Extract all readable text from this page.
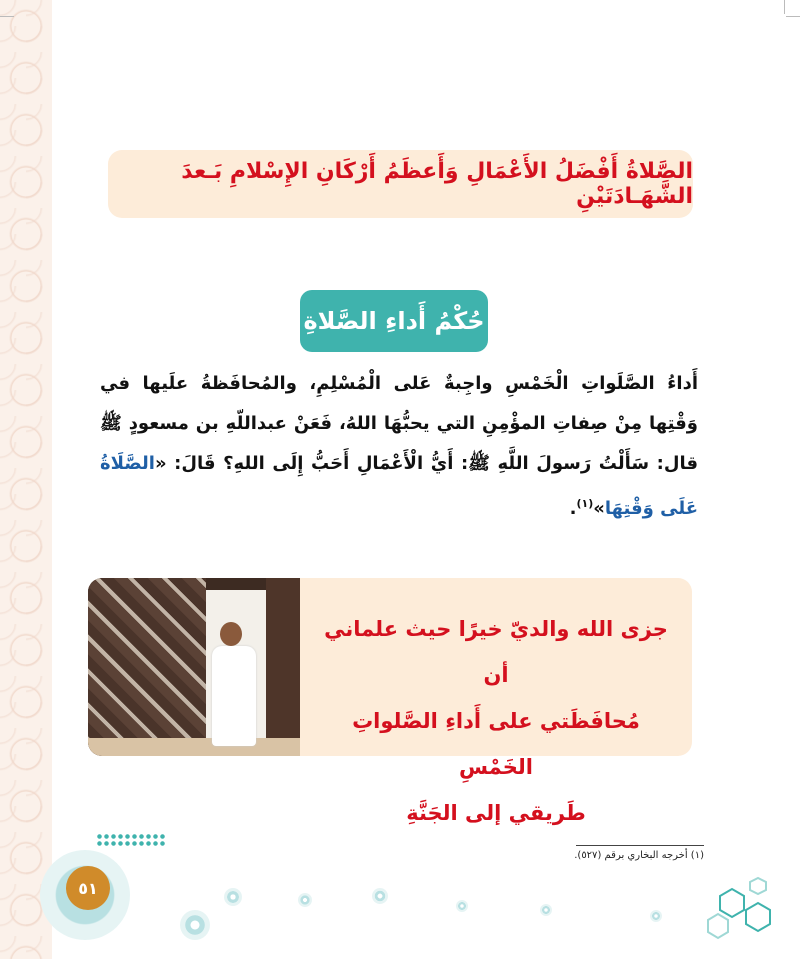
الصَّلاةُ أَفْضَلُ الأَعْمَالِ وَأَعظَمُ أَرْكَانِ الإِسْلامِ بَـعدَ الشَّهَـادَتَيْنِ
حُكْمُ أَداءِ الصَّلاةِ
أَداءُ الصَّلَواتِ الْخَمْسِ واجِبةٌ عَلى الْمُسْلِمِ، والمُحافَظةُ علَيها في وَقْتِها مِنْ صِفاتِ المؤْمِنِ التي يحبُّهَا اللهُ، فَعَنْ عبداللّهِ بن مسعودٍ ﷺ قال: سَأَلْتُ رَسولَ اللَّهِ ﷺ: أَيُّ الْأَعْمَالِ أَحَبُّ إِلَى اللهِ؟ قَالَ: «الصَّلَاةُ عَلَى وَقْتِهَا»$^{(١)}$.
جزى الله والديّ خيرًا حيث علماني أن
مُحافَظَتي على أَداءِ الصَّلواتِ الخَمْسِ
طَريقي إلى الجَنَّةِ
(١) أخرجه البخاري برقم (٥٢٧).
٥١
